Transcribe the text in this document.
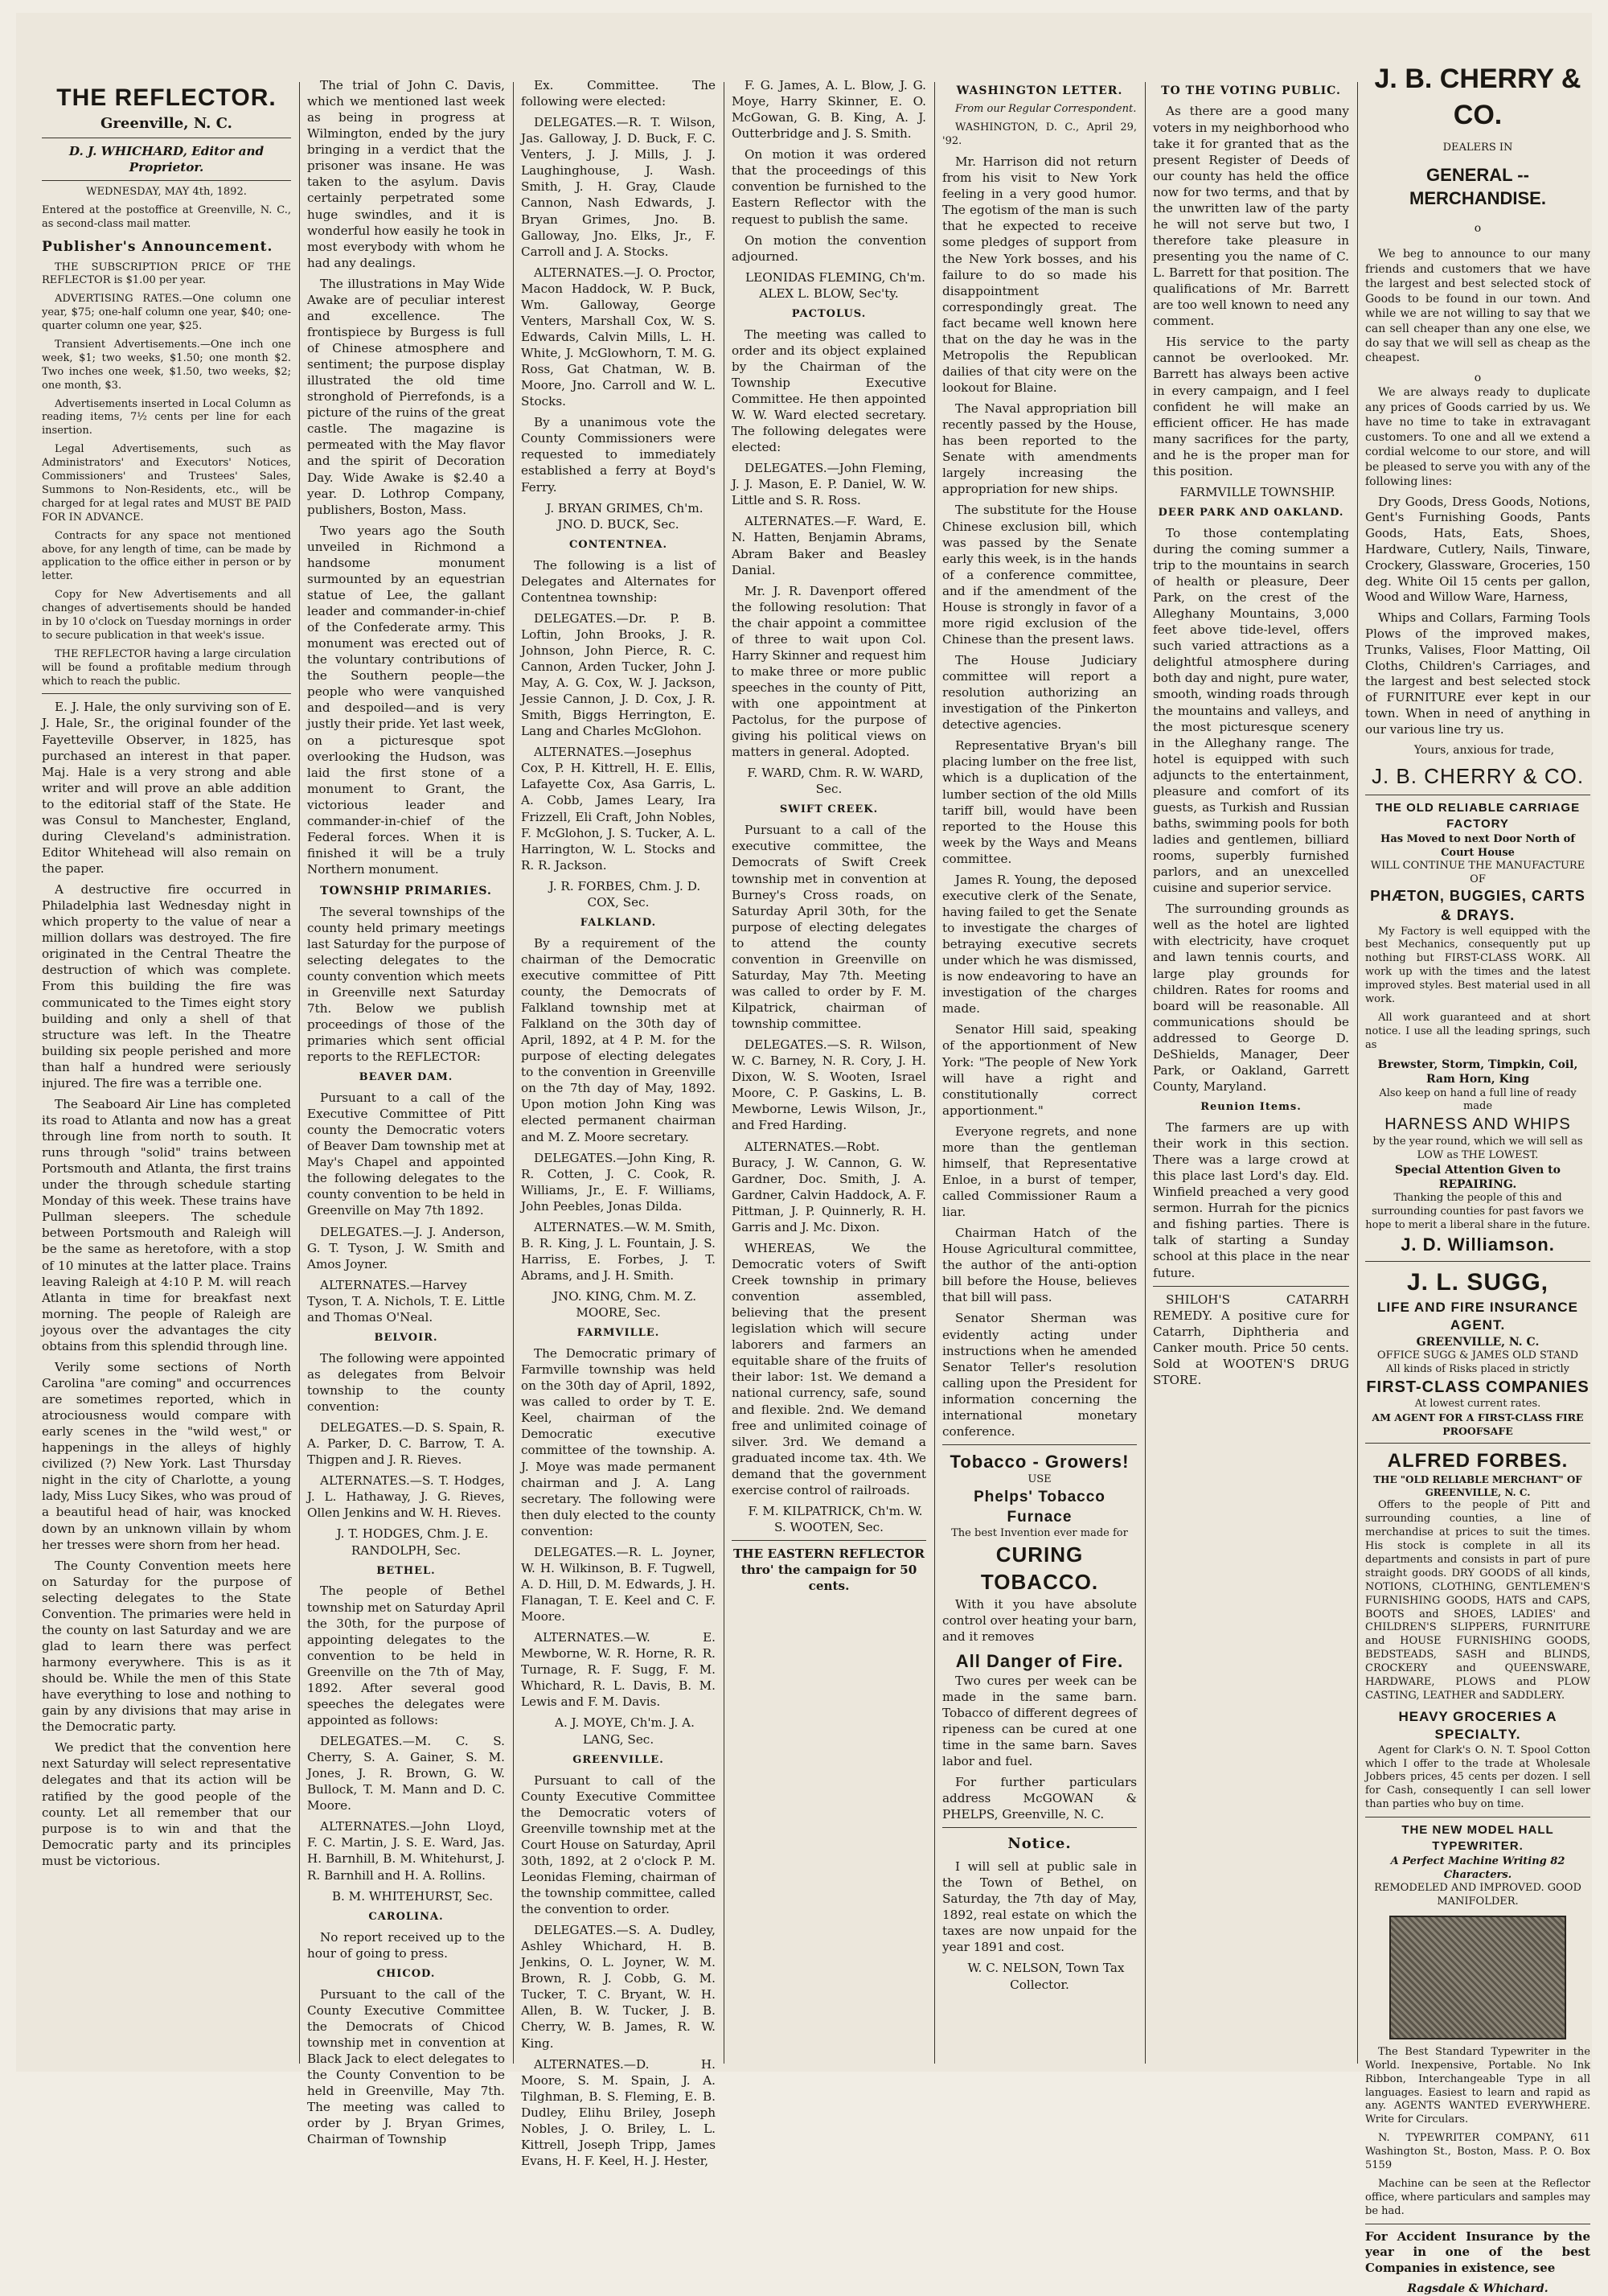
THE REFLECTOR.
Greenville, N. C.
D. J. WHICHARD, Editor and Proprietor.
WEDNESDAY, MAY 4th, 1892.
Entered at the postoffice at Greenville, N. C., as second-class mail matter.
Publisher's Announcement.

THE SUBSCRIPTION PRICE OF THE REFLECTOR is $1.00 per year.

ADVERTISING RATES.—One column one year, $75; one-half column one year, $40; one-quarter column one year, $25.

Transient Advertisements.—One inch one week, $1; two weeks, $1.50; one month $2. Two inches one week, $1.50, two weeks, $2; one month, $3.

Advertisements inserted in Local Column as reading items, 7½ cents per line for each insertion.

Legal Advertisements, such as Administrators' and Executors' Notices, Commissioners' and Trustees' Sales, Summons to Non-Residents, etc., will be charged for at legal rates and MUST BE PAID FOR IN ADVANCE.

Contracts for any space not mentioned above, for any length of time, can be made by application to the office either in person or by letter.

Copy for New Advertisements and all changes of advertisements should be handed in by 10 o'clock on Tuesday mornings in order to secure publication in that week's issue.

THE REFLECTOR having a large circulation will be found a profitable medium through which to reach the public.

E. J. Hale, the only surviving son of E. J. Hale, Sr., the original founder of the Fayetteville Observer, in 1825, has purchased an interest in that paper. Maj. Hale is a very strong and able writer and will prove an able addition to the editorial staff of the State. He was Consul to Manchester, England, during Cleveland's administration. Editor Whitehead will also remain on the paper.

A destructive fire occurred in Philadelphia last Wednesday night in which property to the value of near a million dollars was destroyed. The fire originated in the Central Theatre the destruction of which was complete. From this building the fire was communicated to the Times eight story building and only a shell of that structure was left. In the Theatre building six people perished and more than half a hundred were seriously injured. The fire was a terrible one.

The Seaboard Air Line has completed its road to Atlanta and now has a great through line from north to south. It runs through "solid" trains between Portsmouth and Atlanta, the first trains under the through schedule starting Monday of this week. These trains have Pullman sleepers. The schedule between Portsmouth and Raleigh will be the same as heretofore, with a stop of 10 minutes at the latter place. Trains leaving Raleigh at 4:10 P. M. will reach Atlanta in time for breakfast next morning. The people of Raleigh are joyous over the advantages the city obtains from this splendid through line.

Verily some sections of North Carolina "are coming" and occurrences are sometimes reported, which in atrociousness would compare with early scenes in the "wild west," or happenings in the alleys of highly civilized (?) New York. Last Thursday night in the city of Charlotte, a young lady, Miss Lucy Sikes, who was proud of a beautiful head of hair, was knocked down by an unknown villain by whom her tresses were shorn from her head.

The County Convention meets here on Saturday for the purpose of selecting delegates to the State Convention. The primaries were held in the county on last Saturday and we are glad to learn there was perfect harmony everywhere. This is as it should be. While the men of this State have everything to lose and nothing to gain by any divisions that may arise in the Democratic party.

We predict that the convention here next Saturday will select representative delegates and that its action will be ratified by the good people of the county. Let all remember that our purpose is to win and that the Democratic party and its principles must be victorious.

The trial of John C. Davis, which we mentioned last week as being in progress at Wilmington, ended by the jury bringing in a verdict that the prisoner was insane. He was taken to the asylum. Davis certainly perpetrated some huge swindles, and it is wonderful how easily he took in most everybody with whom he had any dealings.

The illustrations in May Wide Awake are of peculiar interest and excellence. The frontispiece by Burgess is full of Chinese atmosphere and sentiment; the purpose display illustrated the old time stronghold of Pierrefonds, is a picture of the ruins of the great castle. The magazine is permeated with the May flavor and the spirit of Decoration Day. Wide Awake is $2.40 a year. D. Lothrop Company, publishers, Boston, Mass.

Two years ago the South unveiled in Richmond a handsome monument surmounted by an equestrian statue of Lee, the gallant leader and commander-in-chief of the Confederate army. This monument was erected out of the voluntary contributions of the Southern people—the people who were vanquished and despoiled—and is very justly their pride. Yet last week, on a picturesque spot overlooking the Hudson, was laid the first stone of a monument to Grant, the victorious leader and commander-in-chief of the Federal forces. When it is finished it will be a truly Northern monument.

TOWNSHIP PRIMARIES.

The several townships of the county held primary meetings last Saturday for the purpose of selecting delegates to the county convention which meets in Greenville next Saturday 7th. Below we publish proceedings of those of the primaries which sent official reports to the REFLECTOR:

BEAVER DAM.

Pursuant to a call of the Executive Committee of Pitt county the Democratic voters of Beaver Dam township met at May's Chapel and appointed the following delegates to the county convention to be held in Greenville on May 7th 1892.

DELEGATES.—J. J. Anderson, G. T. Tyson, J. W. Smith and Amos Joyner.

ALTERNATES.—Harvey Tyson, T. A. Nichols, T. E. Little and Thomas O'Neal.

BELVOIR.

The following were appointed as delegates from Belvoir township to the county convention:

DELEGATES.—D. S. Spain, R. A. Parker, D. C. Barrow, T. A. Thigpen and J. R. Rieves.

ALTERNATES.—S. T. Hodges, J. L. Hathaway, J. G. Rieves, Ollen Jenkins and W. H. Rieves.

J. T. HODGES, Chm. J. E. RANDOLPH, Sec.

BETHEL.

The people of Bethel township met on Saturday April the 30th, for the purpose of appointing delegates to the convention to be held in Greenville on the 7th of May, 1892. After several good speeches the delegates were appointed as follows:

DELEGATES.—M. C. S. Cherry, S. A. Gainer, S. M. Jones, J. R. Brown, G. W. Bullock, T. M. Mann and D. C. Moore.

ALTERNATES.—John Lloyd, F. C. Martin, J. S. E. Ward, Jas. H. Barnhill, B. M. Whitehurst, J. R. Barnhill and H. A. Rollins.

B. M. WHITEHURST, Sec.

CAROLINA.

No report received up to the hour of going to press.

CHICOD.

Pursuant to the call of the County Executive Committee the Democrats of Chicod township met in convention at Black Jack to elect delegates to the County Convention to be held in Greenville, May 7th. The meeting was called to order by J. Bryan Grimes, Chairman of Township

Ex. Committee. The following were elected:

DELEGATES.—R. T. Wilson, Jas. Galloway, J. D. Buck, F. C. Venters, J. J. Mills, J. J. Laughinghouse, J. Wash. Smith, J. H. Gray, Claude Cannon, Nash Edwards, J. Bryan Grimes, Jno. B. Galloway, Jno. Elks, Jr., F. Carroll and J. A. Stocks.

ALTERNATES.—J. O. Proctor, Macon Haddock, W. P. Buck, Wm. Galloway, George Venters, Marshall Cox, W. S. Edwards, Calvin Mills, L. H. White, J. McGlowhorn, T. M. G. Ross, Gat Chatman, W. B. Moore, Jno. Carroll and W. L. Stocks.

By a unanimous vote the County Commissioners were requested to immediately established a ferry at Boyd's Ferry.

J. BRYAN GRIMES, Ch'm. JNO. D. BUCK, Sec.

CONTENTNEA.

The following is a list of Delegates and Alternates for Contentnea township:

DELEGATES.—Dr. P. B. Loftin, John Brooks, J. R. Johnson, John Pierce, R. C. Cannon, Arden Tucker, John J. May, A. G. Cox, W. J. Jackson, Jessie Cannon, J. D. Cox, J. R. Smith, Biggs Herrington, E. Lang and Charles McGlohon.

ALTERNATES.—Josephus Cox, P. H. Kittrell, H. E. Ellis, Lafayette Cox, Asa Garris, L. A. Cobb, James Leary, Ira Frizzell, Eli Craft, John Nobles, F. McGlohon, J. S. Tucker, A. L. Harrington, W. L. Stocks and R. R. Jackson.

J. R. FORBES, Chm. J. D. COX, Sec.

FALKLAND.

By a requirement of the chairman of the Democratic executive committee of Pitt county, the Democrats of Falkland township met at Falkland on the 30th day of April, 1892, at 4 P. M. for the purpose of electing delegates to the convention in Greenville on the 7th day of May, 1892. Upon motion John King was elected permanent chairman and M. Z. Moore secretary.

DELEGATES.—John King, R. R. Cotten, J. C. Cook, R. Williams, Jr., E. F. Williams, John Peebles, Jonas Dilda.

ALTERNATES.—W. M. Smith, B. R. King, J. L. Fountain, J. S. Harriss, E. Forbes, J. T. Abrams, and J. H. Smith.

JNO. KING, Chm. M. Z. MOORE, Sec.

FARMVILLE.

The Democratic primary of Farmville township was held on the 30th day of April, 1892, was called to order by T. E. Keel, chairman of the Democratic executive committee of the township. A. J. Moye was made permanent chairman and J. A. Lang secretary. The following were then duly elected to the county convention:

DELEGATES.—R. L. Joyner, W. H. Wilkinson, B. F. Tugwell, A. D. Hill, D. M. Edwards, J. H. Flanagan, T. E. Keel and C. F. Moore.

ALTERNATES.—W. E. Mewborne, W. R. Horne, R. R. Turnage, R. F. Sugg, F. M. Whichard, R. L. Davis, B. M. Lewis and F. M. Davis.

A. J. MOYE, Ch'm. J. A. LANG, Sec.

GREENVILLE.

Pursuant to call of the County Executive Committee the Democratic voters of Greenville township met at the Court House on Saturday, April 30th, 1892, at 2 o'clock P. M. Leonidas Fleming, chairman of the township committee, called the convention to order.

DELEGATES.—S. A. Dudley, Ashley Whichard, H. B. Jenkins, O. L. Joyner, W. M. Brown, R. J. Cobb, G. M. Tucker, T. C. Bryant, W. H. Allen, B. W. Tucker, J. B. Cherry, W. B. James, R. W. King.

ALTERNATES.—D. H. Moore, S. M. Spain, J. A. Tilghman, B. S. Fleming, E. B. Dudley, Elihu Briley, Joseph Nobles, J. O. Briley, L. L. Kittrell, Joseph Tripp, James Evans, H. F. Keel, H. J. Hester,

F. G. James, A. L. Blow, J. G. Moye, Harry Skinner, E. O. McGowan, G. B. King, A. J. Outterbridge and J. S. Smith.

On motion it was ordered that the proceedings of this convention be furnished to the Eastern Reflector with the request to publish the same.

On motion the convention adjourned.

LEONIDAS FLEMING, Ch'm. ALEX L. BLOW, Sec'ty.

PACTOLUS.

The meeting was called to order and its object explained by the Chairman of the Township Executive Committee. He then appointed W. W. Ward elected secretary. The following delegates were elected:

DELEGATES.—John Fleming, J. J. Mason, E. P. Daniel, W. W. Little and S. R. Ross.

ALTERNATES.—F. Ward, E. N. Hatten, Benjamin Abrams, Abram Baker and Beasley Danial.

Mr. J. R. Davenport offered the following resolution: That the chair appoint a committee of three to wait upon Col. Harry Skinner and request him to make three or more public speeches in the county of Pitt, with one appointment at Pactolus, for the purpose of giving his political views on matters in general. Adopted.

F. WARD, Chm. R. W. WARD, Sec.

SWIFT CREEK.

Pursuant to a call of the executive committee, the Democrats of Swift Creek township met in convention at Burney's Cross roads, on Saturday April 30th, for the purpose of electing delegates to attend the county convention in Greenville on Saturday, May 7th. Meeting was called to order by F. M. Kilpatrick, chairman of township committee.

DELEGATES.—S. R. Wilson, W. C. Barney, N. R. Cory, J. H. Dixon, W. S. Wooten, Israel Moore, C. P. Gaskins, L. B. Mewborne, Lewis Wilson, Jr., and Fred Harding.

ALTERNATES.—Robt. Buracy, J. W. Cannon, G. W. Gardner, Doc. Smith, J. A. Gardner, Calvin Haddock, A. F. Pittman, J. P. Quinnerly, R. H. Garris and J. Mc. Dixon.

WHEREAS, We the Democratic voters of Swift Creek township in primary convention assembled, believing that the present legislation which will secure laborers and farmers an equitable share of the fruits of their labor: 1st. We demand a national currency, safe, sound and flexible. 2nd. We demand free and unlimited coinage of silver. 3rd. We demand a graduated income tax. 4th. We demand that the government exercise control of railroads.

F. M. KILPATRICK, Ch'm. W. S. WOOTEN, Sec.

THE EASTERN REFLECTOR thro' the campaign for 50 cents.

WASHINGTON LETTER.

From our Regular Correspondent.

WASHINGTON, D. C., April 29, '92.

Mr. Harrison did not return from his visit to New York feeling in a very good humor. The egotism of the man is such that he expected to receive some pledges of support from the New York bosses, and his failure to do so made his disappointment correspondingly great. The fact became well known here that on the day he was in the Metropolis the Republican dailies of that city were on the lookout for Blaine.

The Naval appropriation bill recently passed by the House, has been reported to the Senate with amendments largely increasing the appropriation for new ships.

The substitute for the House Chinese exclusion bill, which was passed by the Senate early this week, is in the hands of a conference committee, and if the amendment of the House is strongly in favor of a more rigid exclusion of the Chinese than the present laws.

The House Judiciary committee will report a resolution authorizing an investigation of the Pinkerton detective agencies.

Representative Bryan's bill placing lumber on the free list, which is a duplication of the lumber section of the old Mills tariff bill, would have been reported to the House this week by the Ways and Means committee.

James R. Young, the deposed executive clerk of the Senate, having failed to get the Senate to investigate the charges of betraying executive secrets under which he was dismissed, is now endeavoring to have an investigation of the charges made.

Senator Hill said, speaking of the apportionment of New York: "The people of New York will have a right and constitutionally correct apportionment."

Everyone regrets, and none more than the gentleman himself, that Representative Enloe, in a burst of temper, called Commissioner Raum a liar.

Chairman Hatch of the House Agricultural committee, the author of the anti-option bill before the House, believes that bill will pass.

Senator Sherman was evidently acting under instructions when he amended Senator Teller's resolution calling upon the President for information concerning the international monetary conference.

Tobacco - Growers!
USE
Phelps' Tobacco Furnace
The best Invention ever made for
CURING TOBACCO.

With it you have absolute control over heating your barn, and it removes

All Danger of Fire.

Two cures per week can be made in the same barn. Tobacco of different degrees of ripeness can be cured at one time in the same barn. Saves labor and fuel.

For further particulars address McGOWAN & PHELPS, Greenville, N. C.

Notice.

I will sell at public sale in the Town of Bethel, on Saturday, the 7th day of May, 1892, real estate on which the taxes are now unpaid for the year 1891 and cost.

W. C. NELSON, Town Tax Collector.

TO THE VOTING PUBLIC.

As there are a good many voters in my neighborhood who take it for granted that as the present Register of Deeds of our county has held the office now for two terms, and that by the unwritten law of the party he will not serve but two, I therefore take pleasure in presenting you the name of C. L. Barrett for that position. The qualifications of Mr. Barrett are too well known to need any comment.

His service to the party cannot be overlooked. Mr. Barrett has always been active in every campaign, and I feel confident he will make an efficient officer. He has made many sacrifices for the party, and he is the proper man for this position.

FARMVILLE TOWNSHIP.

DEER PARK AND OAKLAND.

To those contemplating during the coming summer a trip to the mountains in search of health or pleasure, Deer Park, on the crest of the Alleghany Mountains, 3,000 feet above tide-level, offers such varied attractions as a delightful atmosphere during both day and night, pure water, smooth, winding roads through the mountains and valleys, and the most picturesque scenery in the Alleghany range. The hotel is equipped with such adjuncts to the entertainment, pleasure and comfort of its guests, as Turkish and Russian baths, swimming pools for both ladies and gentlemen, billiard rooms, superbly furnished parlors, and an unexcelled cuisine and superior service.

The surrounding grounds as well as the hotel are lighted with electricity, have croquet and lawn tennis courts, and large play grounds for children. Rates for rooms and board will be reasonable. All communications should be addressed to George D. DeShields, Manager, Deer Park, or Oakland, Garrett County, Maryland.

Reunion Items.

The farmers are up with their work in this section. There was a large crowd at this place last Lord's day. Eld. Winfield preached a very good sermon. Hurrah for the picnics and fishing parties. There is talk of starting a Sunday school at this place in the near future.

SHILOH'S CATARRH REMEDY. A positive cure for Catarrh, Diphtheria and Canker mouth. Price 50 cents. Sold at WOOTEN'S DRUG STORE.

J. B. CHERRY & CO.
DEALERS IN
GENERAL -- MERCHANDISE.
o

We beg to announce to our many friends and customers that we have the largest and best selected stock of Goods to be found in our town. And while we are not willing to say that we can sell cheaper than any one else, we do say that we will sell as cheap as the cheapest.

o

We are always ready to duplicate any prices of Goods carried by us. We have no time to take in extravagant customers. To one and all we extend a cordial welcome to our store, and will be pleased to serve you with any of the following lines:

Dry Goods, Dress Goods, Notions, Gent's Furnishing Goods, Pants Goods, Hats, Eats, Shoes, Hardware, Cutlery, Nails, Tinware, Crockery, Glassware, Groceries, 150 deg. White Oil 15 cents per gallon, Wood and Willow Ware, Harness,

Whips and Collars, Farming Tools Plows of the improved makes, Trunks, Valises, Floor Matting, Oil Cloths, Children's Carriages, and the largest and best selected stock of FURNITURE ever kept in our town. When in need of anything in our various line try us.

Yours, anxious for trade,

J. B. CHERRY & CO.
THE OLD RELIABLE CARRIAGE FACTORY
Has Moved to next Door North of Court House
WILL CONTINUE THE MANUFACTURE OF
PHÆTON, BUGGIES, CARTS & DRAYS.

My Factory is well equipped with the best Mechanics, consequently put up nothing but FIRST-CLASS WORK. All work up with the times and the latest improved styles. Best material used in all work.

All work guaranteed and at short notice. I use all the leading springs, such as

Brewster, Storm, Timpkin, Coil, Ram Horn, King
Also keep on hand a full line of ready made
HARNESS AND WHIPS
by the year round, which we will sell as LOW as THE LOWEST.
Special Attention Given to REPAIRING.
Thanking the people of this and surrounding counties for past favors we hope to merit a liberal share in the future.
J. D. Williamson.
J. L. SUGG,
LIFE AND FIRE INSURANCE AGENT.
GREENVILLE, N. C.
OFFICE SUGG & JAMES OLD STAND
All kinds of Risks placed in strictly
FIRST-CLASS COMPANIES
At lowest current rates.
AM AGENT FOR A FIRST-CLASS FIRE PROOFSAFE
ALFRED FORBES.
THE "OLD RELIABLE MERCHANT" OF GREENVILLE, N. C.

Offers to the people of Pitt and surrounding counties, a line of merchandise at prices to suit the times. His stock is complete in all its departments and consists in part of pure straight goods. DRY GOODS of all kinds, NOTIONS, CLOTHING, GENTLEMEN'S FURNISHING GOODS, HATS and CAPS, BOOTS and SHOES, LADIES' and CHILDREN'S SLIPPERS, FURNITURE and HOUSE FURNISHING GOODS, BEDSTEADS, SASH and BLINDS, CROCKERY and QUEENSWARE, HARDWARE, PLOWS and PLOW CASTING, LEATHER and SADDLERY.

HEAVY GROCERIES A SPECIALTY.

Agent for Clark's O. N. T. Spool Cotton which I offer to the trade at Wholesale Jobbers prices, 45 cents per dozen. I sell for Cash, consequently I can sell lower than parties who buy on time.

THE NEW MODEL HALL TYPEWRITER.
A Perfect Machine Writing 82 Characters.
REMODELED AND IMPROVED. GOOD MANIFOLDER.

The Best Standard Typewriter in the World. Inexpensive, Portable. No Ink Ribbon, Interchangeable Type in all languages. Easiest to learn and rapid as any. AGENTS WANTED EVERYWHERE. Write for Circulars.

N. TYPEWRITER COMPANY, 611 Washington St., Boston, Mass. P. O. Box 5159

Machine can be seen at the Reflector office, where particulars and samples may be had.

For Accident Insurance by the year in one of the best Companies in existence, see

Ragsdale & Whichard.
